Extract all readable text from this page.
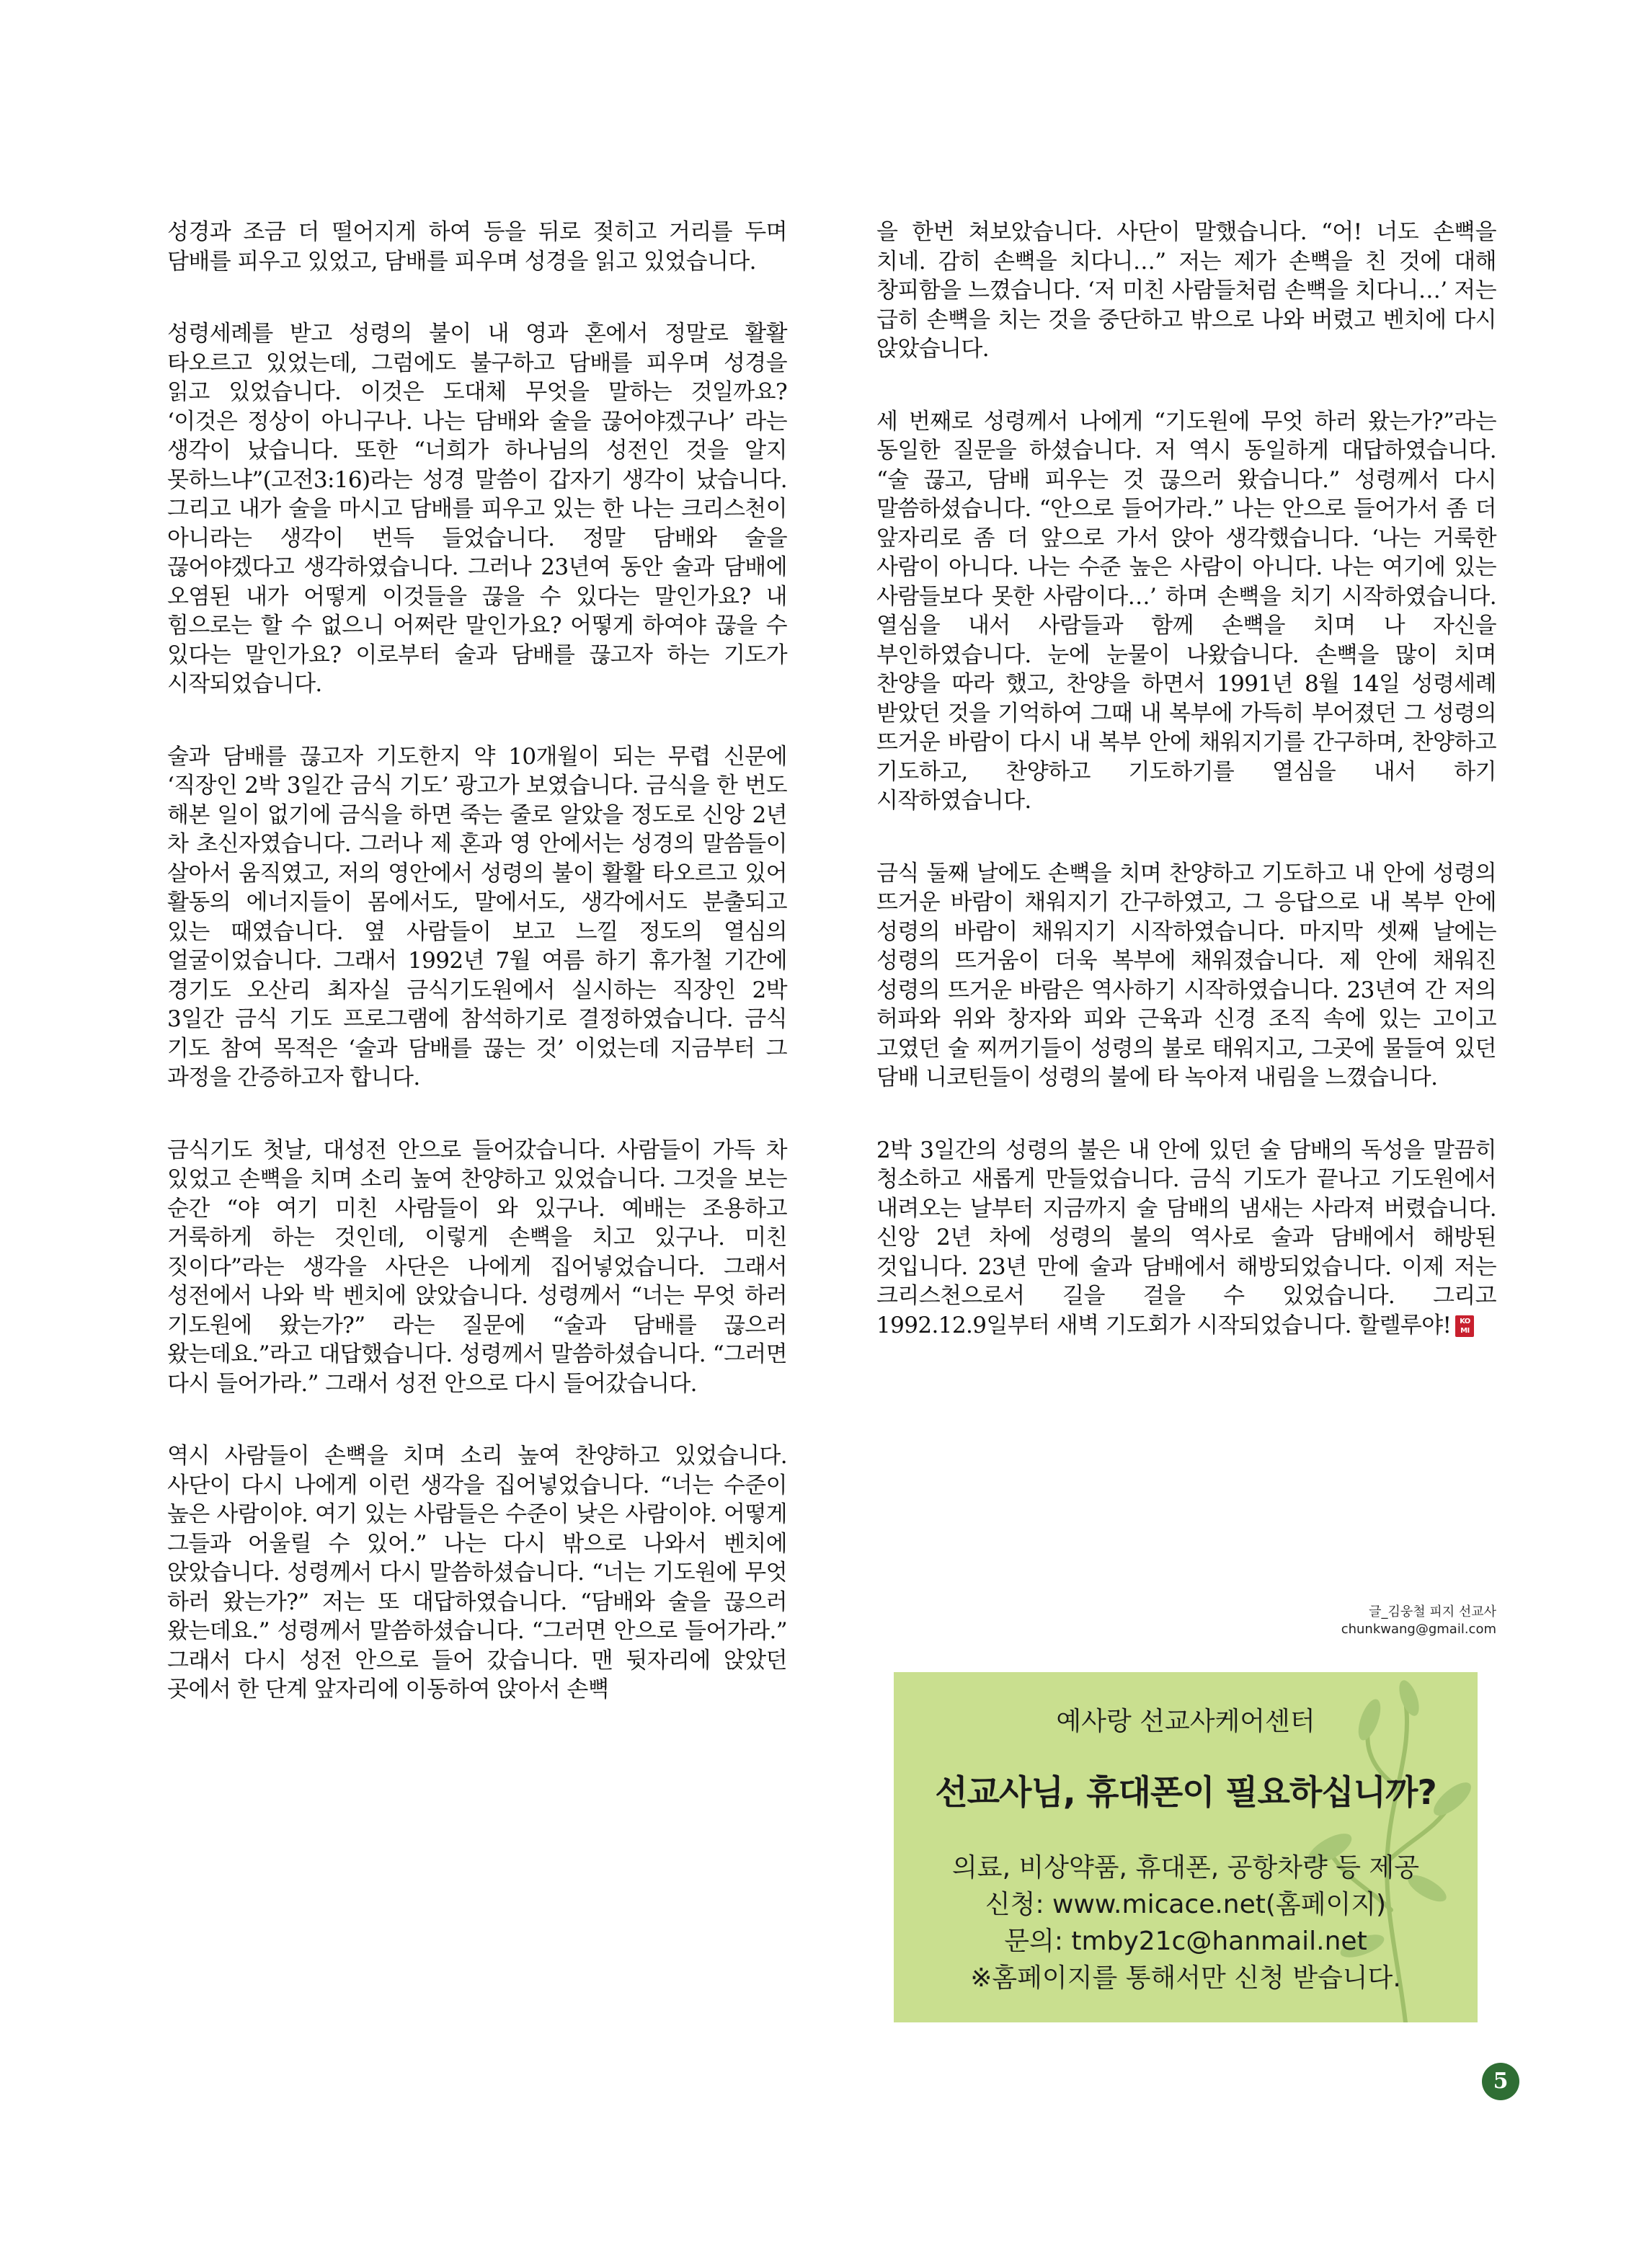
성경과 조금 더 떨어지게 하여 등을 뒤로 젖히고 거리를 두며 담배를 피우고 있었고, 담배를 피우며 성경을 읽고 있었습니다.

성령세례를 받고 성령의 불이 내 영과 혼에서 정말로 활활 타오르고 있었는데, 그럼에도 불구하고 담배를 피우며 성경을 읽고 있었습니다. 이것은 도대체 무엇을 말하는 것일까요? ‘이것은 정상이 아니구나. 나는 담배와 술을 끊어야겠구나’ 라는 생각이 났습니다. 또한 “너희가 하나님의 성전인 것을 알지 못하느냐”(고전3:16)라는 성경 말씀이 갑자기 생각이 났습니다. 그리고 내가 술을 마시고 담배를 피우고 있는 한 나는 크리스천이 아니라는 생각이 번득 들었습니다. 정말 담배와 술을 끊어야겠다고 생각하였습니다. 그러나 23년여 동안 술과 담배에 오염된 내가 어떻게 이것들을 끊을 수 있다는 말인가요? 내 힘으로는 할 수 없으니 어쩌란 말인가요? 어떻게 하여야 끊을 수 있다는 말인가요? 이로부터 술과 담배를 끊고자 하는 기도가 시작되었습니다.

술과 담배를 끊고자 기도한지 약 10개월이 되는 무렵 신문에 ‘직장인 2박 3일간 금식 기도’ 광고가 보였습니다. 금식을 한 번도 해본 일이 없기에 금식을 하면 죽는 줄로 알았을 정도로 신앙 2년 차 초신자였습니다. 그러나 제 혼과 영 안에서는 성경의 말씀들이 살아서 움직였고, 저의 영안에서 성령의 불이 활활 타오르고 있어 활동의 에너지들이 몸에서도, 말에서도, 생각에서도 분출되고 있는 때였습니다. 옆 사람들이 보고 느낄 정도의 열심의 얼굴이었습니다. 그래서 1992년 7월 여름 하기 휴가철 기간에 경기도 오산리 최자실 금식기도원에서 실시하는 직장인 2박 3일간 금식 기도 프로그램에 참석하기로 결정하였습니다. 금식 기도 참여 목적은 ‘술과 담배를 끊는 것’ 이었는데 지금부터 그 과정을 간증하고자 합니다.

금식기도 첫날, 대성전 안으로 들어갔습니다. 사람들이 가득 차 있었고 손뼉을 치며 소리 높여 찬양하고 있었습니다. 그것을 보는 순간 “야 여기 미친 사람들이 와 있구나. 예배는 조용하고 거룩하게 하는 것인데, 이렇게 손뼉을 치고 있구나. 미친 짓이다”라는 생각을 사단은 나에게 집어넣었습니다. 그래서 성전에서 나와 박 벤치에 앉았습니다. 성령께서 “너는 무엇 하러 기도원에 왔는가?” 라는 질문에 “술과 담배를 끊으러 왔는데요.”라고 대답했습니다. 성령께서 말씀하셨습니다. “그러면 다시 들어가라.” 그래서 성전 안으로 다시 들어갔습니다.

역시 사람들이 손뼉을 치며 소리 높여 찬양하고 있었습니다. 사단이 다시 나에게 이런 생각을 집어넣었습니다. “너는 수준이 높은 사람이야. 여기 있는 사람들은 수준이 낮은 사람이야. 어떻게 그들과 어울릴 수 있어.” 나는 다시 밖으로 나와서 벤치에 앉았습니다. 성령께서 다시 말씀하셨습니다. “너는 기도원에 무엇 하러 왔는가?” 저는 또 대답하였습니다. “담배와 술을 끊으러 왔는데요.” 성령께서 말씀하셨습니다. “그러면 안으로 들어가라.” 그래서 다시 성전 안으로 들어 갔습니다. 맨 뒷자리에 앉았던 곳에서 한 단계 앞자리에 이동하여 앉아서 손뼉

을 한번 쳐보았습니다. 사단이 말했습니다. “어! 너도 손뼉을 치네. 감히 손뼉을 치다니…” 저는 제가 손뼉을 친 것에 대해 창피함을 느꼈습니다. ‘저 미친 사람들처럼 손뼉을 치다니…’ 저는 급히 손뼉을 치는 것을 중단하고 밖으로 나와 버렸고 벤치에 다시 앉았습니다.

세 번째로 성령께서 나에게 “기도원에 무엇 하러 왔는가?”라는 동일한 질문을 하셨습니다. 저 역시 동일하게 대답하였습니다. “술 끊고, 담배 피우는 것 끊으러 왔습니다.” 성령께서 다시 말씀하셨습니다. “안으로 들어가라.” 나는 안으로 들어가서 좀 더 앞자리로 좀 더 앞으로 가서 앉아 생각했습니다. ‘나는 거룩한 사람이 아니다. 나는 수준 높은 사람이 아니다. 나는 여기에 있는 사람들보다 못한 사람이다…’ 하며 손뼉을 치기 시작하였습니다. 열심을 내서 사람들과 함께 손뼉을 치며 나 자신을 부인하였습니다. 눈에 눈물이 나왔습니다. 손뼉을 많이 치며 찬양을 따라 했고, 찬양을 하면서 1991년 8월 14일 성령세례 받았던 것을 기억하여 그때 내 복부에 가득히 부어졌던 그 성령의 뜨거운 바람이 다시 내 복부 안에 채워지기를 간구하며, 찬양하고 기도하고, 찬양하고 기도하기를 열심을 내서 하기 시작하였습니다.

금식 둘째 날에도 손뼉을 치며 찬양하고 기도하고 내 안에 성령의 뜨거운 바람이 채워지기 간구하였고, 그 응답으로 내 복부 안에 성령의 바람이 채워지기 시작하였습니다. 마지막 셋째 날에는 성령의 뜨거움이 더욱 복부에 채워졌습니다. 제 안에 채워진 성령의 뜨거운 바람은 역사하기 시작하였습니다. 23년여 간 저의 허파와 위와 창자와 피와 근육과 신경 조직 속에 있는 고이고 고였던 술 찌꺼기들이 성령의 불로 태워지고, 그곳에 물들여 있던 담배 니코틴들이 성령의 불에 타 녹아져 내림을 느꼈습니다.

2박 3일간의 성령의 불은 내 안에 있던 술 담배의 독성을 말끔히 청소하고 새롭게 만들었습니다. 금식 기도가 끝나고 기도원에서 내려오는 날부터 지금까지 술 담배의 냄새는 사라져 버렸습니다. 신앙 2년 차에 성령의 불의 역사로 술과 담배에서 해방된 것입니다. 23년 만에 술과 담배에서 해방되었습니다. 이제 저는 크리스천으로서 길을 걸을 수 있었습니다. 그리고 1992.12.9일부터 새벽 기도회가 시작되었습니다. 할렐루야! KO
MI

글_김웅철 피지 선교사
chunkwang@gmail.com
예사랑 선교사케어센터
선교사님, 휴대폰이 필요하십니까?
의료, 비상약품, 휴대폰, 공항차량 등 제공
신청: www.micace.net(홈페이지)
문의: tmby21c@hanmail.net
※홈페이지를 통해서만 신청 받습니다.
5
